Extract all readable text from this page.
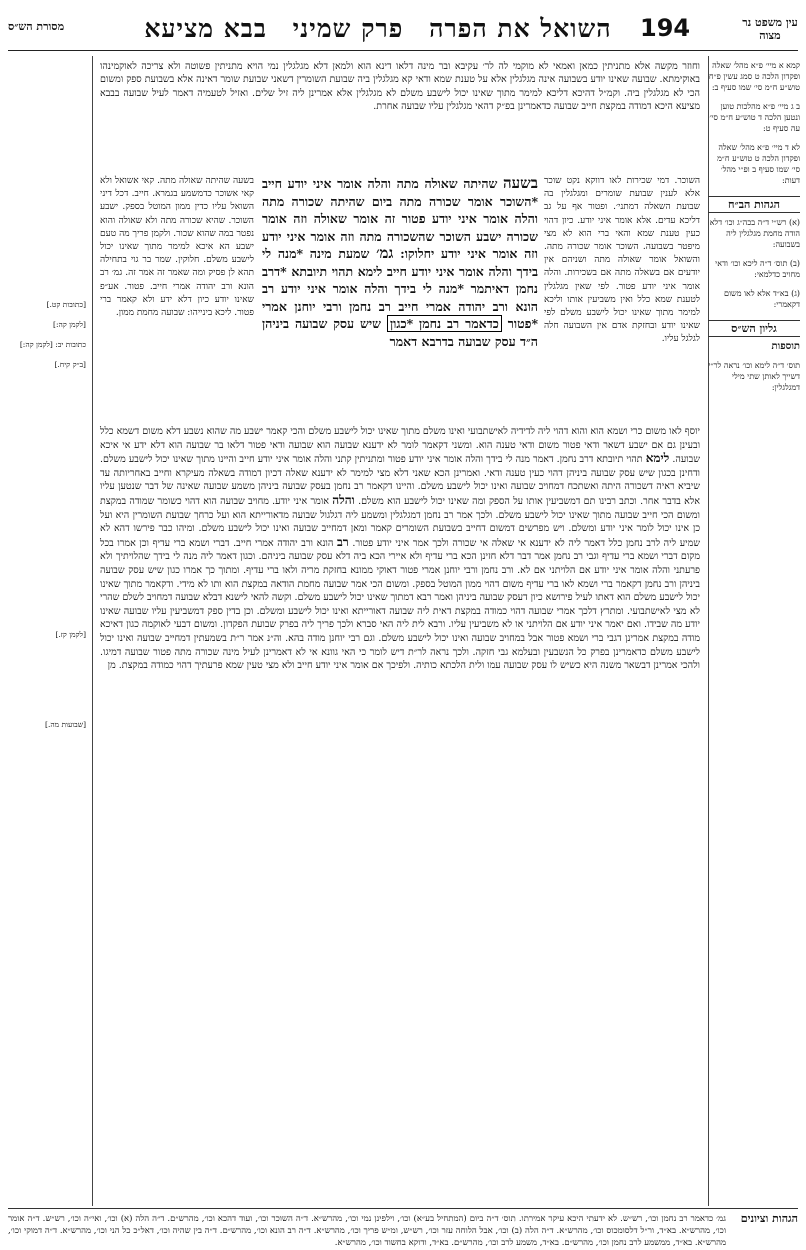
עין משפט נר מצוה
194
השואל את הפרה פרק שמיני בבא מציעא
מסורת הש״ס
קמא א מיי׳ פ״א מהל׳ שאלה ופקדון הלכה ט סמג עשין פ״ח טוש״ע ח״מ סי׳ שמו סעיף ב:
ב ג מיי׳ פ״א מהלכות טוען ונטען הלכה ד טוש״ע ח״מ סי׳ עה סעיף ט:
לא ד מיי׳ פ״א מהל׳ שאלה ופקדון הלכה ט טוש״ע ח״מ סי׳ שמו סעיף ב ופ״י מהל׳ דעות:
הגהות הב״ח
(א) רש״י ד״ה בכה״ג וכו׳ דלא הודה מחמת מגלגלין ליה בשבועה:
(ב) תוס׳ ד״ה ליכא וכו׳ ודאי מחויב כדלמאי:
(ג) בא״ד אלא לאו משום דקאמרי:
גליון הש״ס
תוספות
תוס׳ ד״ה לימא וכו׳ נראה לר״י דשייך לאותן שתי מילי דמגלגלין:
[כתובות קט.]
[לקמן קה:]
כתובות יב: [לקמן קה:]
[ב״ק קיח.]
[לקמן קז.]
[שבועות מה.]
וחוזר מקשה אלא מתניתין כמאן ואמאי לא מוקמי לה לר׳ עקיבא ובר מינה דלאו דינא הוא ולמאן דלא מגלגלין נמי הויא מתניתין פשוטה ולא צריכה לאוקמינהו באוקימתא. שבועה שאינו יודע בשבועה אינה מגלגלין אלא על טענת שמא ודאי קא מגלגלין ביה שבועת השומרין דשאני שבועת שומר דאינה אלא בשבועת ספק ומשום הכי לא מגלגלין ביה. וקמ״ל דהיכא דליכא למימר מתוך שאינו יכול לישבע משלם לא מגלגלין אלא אמרינן ליה זיל שלים. ואזיל לטעמיה דאמר לעיל שבועה בבבא מציעא היכא דמודה במקצת חייב שבועה כדאמרינן בפ״ק דהאי מגלגלין עליו שבועה אחרת.
השוכר. דמי שכירות לאו דווקא נקט שוכר אלא לענין שבועת שומרים ומגלגלין בה שבועת השאלה דמתני׳. ופטור אף על גב דליכא עדים. אלא אומר איני יודע. כיון דהוי כעין טענת שמא והאי ברי הוא לא מצי מיפטר בשבועה. השוכר אומר שכורה מתה. והשואל אומר שאולה מתה ושניהם אין יודעים אם בשאלה מתה אם בשכירות. והלה אומר איני יודע פטור. לפי שאין מגלגלין לטענת שמא כלל ואין משביעין אותו וליכא למימר מתוך שאינו יכול לישבע משלם לפי שאינו יודע ובחזקת אדם אין השבועה חלה לגלגל עליו.
בשעה שהיתה שאולה מתה. קאי אשואל ולא קאי אשוכר כדמשמע בגמרא. חייב. דכל דיני השואל עליו כדין ממון המוטל בספק. ישבע השוכר. שהיא שכורה מתה ולא שאולה והוא נפטר במה שהוא שכור. ולקמן פריך מה טעם ישבע הא איכא למימר מתוך שאינו יכול לישבע משלם. חלוקין. שמר בר גוי בתחילה תהא לן פסיק ומה שאמר זה אמר זה. גמ׳ רב הונא ורב יהודה אמרי חייב. פטור. אע״פ שאינו יודע כיון דלא ידע ולא קאמר ברי פטור. ליכא בינייהו: שבועה מחמת ממון.
בשעה שהיתה שאולה מתה והלה אומר איני יודע חייב *השוכר אומר שכורה מתה ביום שהיתה שכורה מתה והלה אומר איני יודע פטור זה אומר שאולה וזה אומר שכורה ישבע השוכר שהשכורה מתה וזה אומר איני יודע וזה אומר איני יודע יחלוקו: גמ׳ שמעת מינה *מנה לי בידך והלה אומר איני יודע חייב לימא תהוי תיובתא *דרב נחמן דאיתמר *מנה לי בידך והלה אומר איני יודע רב הונא ורב יהודה אמרי חייב רב נחמן ורבי יוחנן אמרי *פטור כדאמר רב נחמן *כגון שיש עסק שבועה ביניהן ה״ד עסק שבועה בדרבא דאמר
יוסף לאו משום כרי ושמא הוא והוא דהוי ליה לדידיה לאישתבועי ואינו משלם מתוך שאינו יכול לישבע משלם והכי קאמר ישבע מה שהוא נשבע דלא משום דשמא כלל ובעינן גם אם ישבע דשאר ודאי פטור משום ודאי טענה הוא. ומשני דקאמר לומר לא ידענא שבועה הוא שבועה ודאי פטור דלאו בר שבועה הוא דלא ידע אי איכא שבועה. לימא תהוי תיובתא דרב נחמן. דאמר מנה לי בידך והלה אומר איני יודע פטור ומתניתין קתני והלה אומר איני יודע חייב והיינו מתוך שאינו יכול לישבע משלם. ודחינן בכגון שיש עסק שבועה ביניהן דהוי כעין טענה ודאי. ואמרינן הכא שאני דלא מצי למימר לא ידענא שאלה דכיון דמודה בשאלה מעיקרא וחייב באחריותה עד שיביא ראיה דשכורה היתה ואשתכח דמחויב שבועה ואינו יכול לישבע משלם. והיינו דקאמר רב נחמן בעסק שבועה ביניהן משמע שבועה שאינה של דבר שנטען עליו אלא בדבר אחר. וכתב רבינו תם דמשביעין אותו על הספק ומה שאינו יכול לישבע הוא משלם. והלה אומר איני יודע. מחויב שבועה הוא דהוי כשומר שמודה במקצת ומשום הכי חייב שבועה מתוך שאינו יכול לישבע משלם. ולכך אמר רב נחמן דמגלגלין ומשמע ליה דגלגול שבועה מדאורייתא הוא ועל כרחך שבועת השומרין היא ועל כן אינו יכול לומר איני יודע ומשלם. ויש מפרשים דמשום דחייב בשבועת השומרים קאמר ומאן דמחייב שבועה ואינו יכול לישבע משלם. ומיהו כבר פירשו דהא לא שמיע ליה לרב נחמן כלל דאמר ליה לא ידענא אי שאלה אי שכורה ולכך אמר איני יודע פטור. רב הונא ורב יהודה אמרי חייב. דברי ושמא ברי עדיף וכן אמרו בכל מקום דברי ושמא ברי עדיף וגבי רב נחמן אמר דבר דלא חזינן הכא ברי עדיף ולא איירי הכא ביה דלא עסק שבועה ביניהם. וכגון דאמר ליה מנה לי בידך שהלויתיך ולא פרעתני והלה אומר איני יודע אם הלויתני אם לא. ורב נחמן ורבי יוחנן אמרי פטור דאוקי ממונא בחזקת מריה ולאו ברי עדיף. ומתוך כך אמרו כגון שיש עסק שבועה ביניהן ורב נחמן דקאמר ברי ושמא לאו ברי עדיף משום דהוי ממון המוטל בספק. ומשום הכי אמר שבועה מחמת הודאה במקצת הוא ותו לא מידי. ודקאמר מתוך שאינו יכול לישבע משלם הוא דאתו לעיל פירושא כיון דעסק שבועה ביניהן ואמר רבא דמתוך שאינו יכול לישבע משלם. וקשה להאי לישנא דבלא שבועה דמחויב לשלם שהרי לא מצי לאישתבועי. ומתרץ דלכך אמרי שבועה דהוי כמודה במקצת דאית ליה שבועה דאורייתא ואינו יכול לישבע ומשלם. וכן בדין ספק דמשביעין עליו שבועה שאינו יודע מה שבידו. ואם יאמר איני יודע אם הלויתני או לא משביעין עליו. ורבא לית ליה האי סברא ולכך פריך ליה בפרק שבועת הפקדון. ומשום דבעי לאוקמה כגון דאיכא מודה במקצת אמרינן דגבי ברי ושמא פטור אבל במחויב שבועה ואינו יכול לישבע משלם. וגם רבי יוחנן מודה בהא. וה״נ אמר ר״ת בשמעתין דמחייב שבועה ואינו יכול לישבע משלם כדאמרינן בפרק כל הנשבעין ובעלמא גבי חזקה. ולכך נראה לר״ת דיש לומר כי האי גוונא אי לא דאמרינן לעיל מינה שכורה מתה פטור שבועה דמיגו. ולהכי אמרינן דבשאר משנה היא כשיש לו עסק שבועה עמו ולית הלכתא כותיה. ולפיכך אם אומר איני יודע חייב ולא מצי טעין שמא פרעתיך דהוי כמודה במקצת. מן
הגהות וציונים
גמ׳ כדאמר רב נחמן וכו׳, רש״ש. לא ידעתי היכא עיקר אמירתו. תוס׳ ד״ה ביום (המתחיל בע״א) וכו׳, וילפינן נמי וכו׳, מהרש״א. ד״ה השוכר וכו׳, ועוד דהכא וכו׳, מהרש״ם. ד״ה הלה (א) וכו׳, ואי״ה וכו׳, רש״ש. ד״ה אומר וכו׳, מהרש״א. בא״ד, ור״ל דלסומכוס וכו׳, מהרש״א. ד״ה הלה (ב) וכו׳, אבל הלוחה עזר וכו׳, רש״ש, ומ״ש פריך וכו׳, מהרש״א. ד״ה רב הונא וכו׳, מהרש״ם. ד״ה בין שהיה וכו׳, דאל״כ כל הני וכו׳, מהרש״א. ד״ה דמוקי וכו׳, מהרש״א. בא״ד, ממשמע לרב נחמן וכו׳, מהרש״ם. בא״ד, משמע לרב וכו׳, מהרש״ם. בא״ד, ודוקא בחשוד וכו׳, מהרש״א.
